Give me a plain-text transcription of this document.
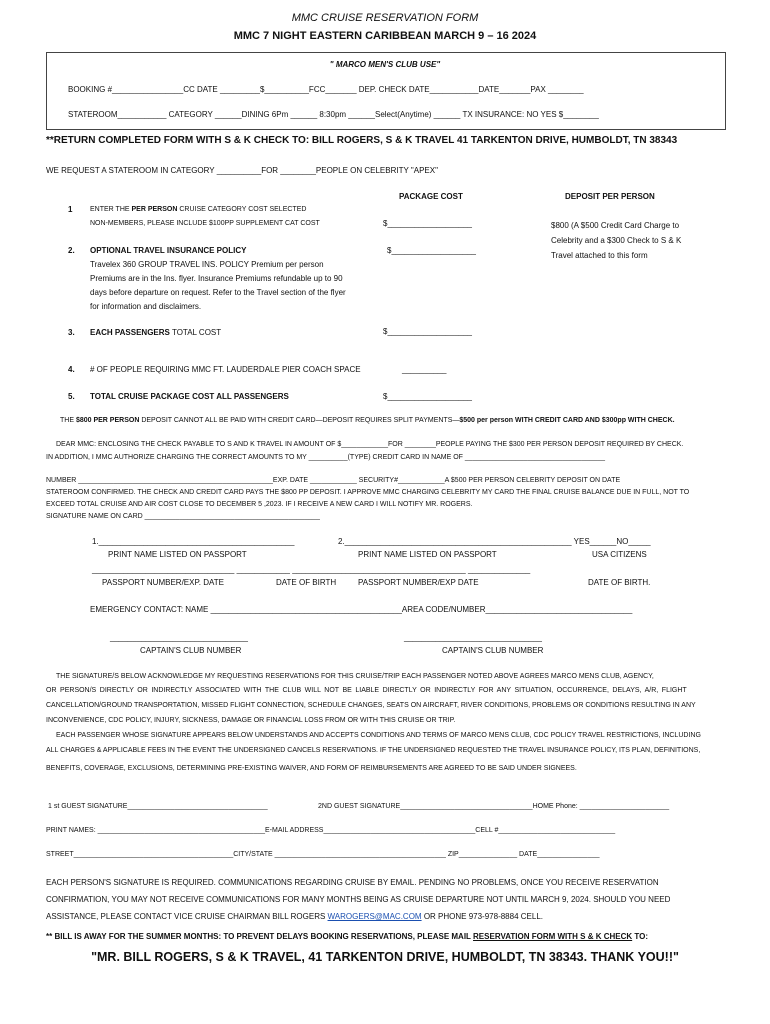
MMC CRUISE RESERVATION FORM
MMC 7 NIGHT EASTERN CARIBBEAN MARCH 9 – 16 2024
" MARCO MEN'S CLUB USE"
BOOKING #________________CC DATE _________$__________FCC_______ DEP. CHECK DATE___________DATE_______PAX ________
STATEROOM___________ CATEGORY ______DINING 6Pm ______ 8:30pm ______Select(Anytime) ______ TX INSURANCE: NO YES $________
**RETURN COMPLETED FORM WITH S & K CHECK TO: BILL ROGERS, S & K TRAVEL 41 TARKENTON DRIVE, HUMBOLDT, TN 38343
WE REQUEST A STATEROOM IN CATEGORY __________FOR ________PEOPLE ON CELEBRITY "APEX"
PACKAGE COST	DEPOSIT PER PERSON
1	ENTER THE PER PERSON CRUISE CATEGORY COST SELECTED
NON-MEMBERS, PLEASE INCLUDE $100PP SUPPLEMENT CAT COST	$___________________	$800 (A $500 Credit Card Charge to Celebrity and a $300 Check to S & K Travel attached to this form
2. OPTIONAL TRAVEL INSURANCE POLICY	$___________________
Travelex 360 GROUP TRAVEL INS. POLICY Premium per person Premiums are in the Ins. flyer. Insurance Premiums refundable up to 90 days before departure on request. Refer to the Travel section of the flyer for information and disclaimers.
3. EACH PASSENGERS TOTAL COST	$___________________
4. # OF PEOPLE REQUIRING MMC FT. LAUDERDALE PIER COACH SPACE	__________
5. TOTAL CRUISE PACKAGE COST ALL PASSENGERS	$___________________
THE $800 PER PERSON DEPOSIT CANNOT ALL BE PAID WITH CREDIT CARD—DEPOSIT REQUIRES SPLIT PAYMENTS—$500 per person WITH CREDIT CARD AND $300pp WITH CHECK.
DEAR MMC: ENCLOSING THE CHECK PAYABLE TO S AND K TRAVEL IN AMOUNT OF $____________FOR ________PEOPLE PAYING THE $300 PER PERSON DEPOSIT REQUIRED BY CHECK.
IN ADDITION, I MMC AUTHORIZE CHARGING THE CORRECT AMOUNTS TO MY __________(TYPE) CREDIT CARD IN NAME OF ____________________________________
NUMBER __________________________________________________EXP. DATE ____________ SECURITY#____________A $500 PER PERSON CELEBRITY DEPOSIT ON DATE
STATEROOM CONFIRMED. THE CHECK AND CREDIT CARD PAYS THE $800 PP DEPOSIT. I APPROVE MMC CHARGING CELEBRITY MY CARD THE FINAL CRUISE BALANCE DUE IN FULL, NOT TO
EXCEED TOTAL CRUISE AND AIR COST CLOSE TO DECEMBER 5 ,2023. IF I RECEIVE A NEW CARD I WILL NOTIFY MR. ROGERS.
SIGNATURE NAME ON CARD _____________________________________________
1.____________________________________________	2.___________________________________________________ YES______NO_____
PRINT NAME LISTED ON PASSPORT	PRINT NAME LISTED ON PASSPORT	USA CITIZENS
________________________________ ____________ _______________________________________ ______________
PASSPORT NUMBER/EXP. DATE	DATE OF BIRTH	PASSPORT NUMBER/EXP DATE	DATE OF BIRTH.
EMERGENCY CONTACT: NAME ___________________________________________AREA CODE/NUMBER_________________________________
_______________________________	_______________________________
CAPTAIN'S CLUB NUMBER	CAPTAIN'S CLUB NUMBER
THE SIGNATURE/S BELOW ACKNOWLEDGE MY REQUESTING RESERVATIONS FOR THIS CRUISE/TRIP EACH PASSENGER NOTED ABOVE AGREES MARCO MENS CLUB, AGENCY,
OR PERSON/S DIRECTLY OR INDIRECTLY ASSOCIATED WITH THE CLUB WILL NOT BE LIABLE DIRECTLY OR INDIRECTLY FOR ANY SITUATION, OCCURRENCE, DELAYS, A/R, FLIGHT
CANCELLATION/GROUND TRANSPORTATION, MISSED FLIGHT CONNECTION, SCHEDULE CHANGES, SEATS ON AIRCRAFT, RIVER CONDITIONS, PROBLEMS OR CONDITIONS RESULTING IN ANY
INCONVENIENCE, CDC POLICY, INJURY, SICKNESS, DAMAGE OR FINANCIAL LOSS FROM OR WITH THIS CRUISE OR TRIP.
EACH PASSENGER WHOSE SIGNATURE APPEARS BELOW UNDERSTANDS AND ACCEPTS CONDITIONS AND TERMS OF MARCO MENS CLUB, CDC POLICY TRAVEL RESTRICTIONS, INCLUDING
ALL CHARGES & APPLICABLE FEES IN THE EVENT THE UNDERSIGNED CANCELS RESERVATIONS. IF THE UNDERSIGNED REQUESTED THE TRAVEL INSURANCE POLICY, ITS PLAN, DEFINITIONS,
BENEFITS, COVERAGE, EXCLUSIONS, DETERMINING PRE-EXISTING WAIVER, AND FORM OF REIMBURSEMENTS ARE AGREED TO BE SAID UNDER SIGNEES.
1 st GUEST SIGNATURE____________________________________	2ND GUEST SIGNATURE__________________________________HOME Phone: _______________________
PRINT NAMES: ___________________________________________E-MAIL ADDRESS_______________________________________CELL #______________________________
STREET_________________________________________CITY/STATE ____________________________________________ ZIP_______________ DATE________________
EACH PERSON'S SIGNATURE IS REQUIRED. COMMUNICATIONS REGARDING CRUISE BY EMAIL. PENDING NO PROBLEMS, ONCE YOU RECEIVE RESERVATION
CONFIRMATION, YOU MAY NOT RECEIVE COMMUNICATIONS FOR MANY MONTHS BEING AS CRUISE DEPARTURE NOT UNTIL MARCH 9, 2024. SHOULD YOU NEED
ASSISTANCE, PLEASE CONTACT VICE CRUISE CHAIRMAN BILL ROGERS WAROGERS@MAC.COM OR PHONE 973-978-8884 CELL.
** BILL IS AWAY FOR THE SUMMER MONTHS: TO PREVENT DELAYS BOOKING RESERVATIONS, PLEASE MAIL RESERVATION FORM WITH S & K CHECK TO:
"MR. BILL ROGERS, S & K TRAVEL, 41 TARKENTON DRIVE, HUMBOLDT, TN 38343. THANK YOU!!"
